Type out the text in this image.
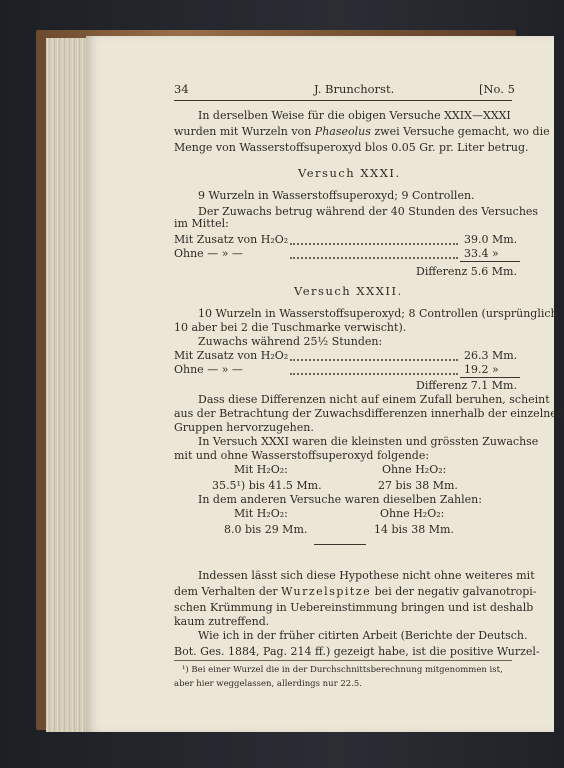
34	J. Brunchorst.	[No. 5
In derselben Weise für die obigen Versuche XXIX—XXXI
wurden mit Wurzeln von Phaseolus zwei Versuche gemacht, wo die
Menge von Wasserstoffsuperoxyd blos 0.05 Gr. pr. Liter betrug.
Versuch XXXI.
9 Wurzeln in Wasserstoffsuperoxyd; 9 Controllen.
Der Zuwachs betrug während der 40 Stunden des Versuches
im Mittel:
Mit Zusatz von H₂O₂	39.0 Mm.
Ohne — » —	33.4 »
Differenz 5.6 Mm.
Versuch XXXII.
10 Wurzeln in Wasserstoffsuperoxyd; 8 Controllen (ursprünglich
10 aber bei 2 die Tuschmarke verwischt).
Zuwachs während 25½ Stunden:
Mit Zusatz von H₂O₂	26.3 Mm.
Ohne — » —	19.2 »
Differenz 7.1 Mm.
Dass diese Differenzen nicht auf einem Zufall beruhen, scheint
aus der Betrachtung der Zuwachsdifferenzen innerhalb der einzelnen
Gruppen hervorzugehen.
In Versuch XXXI waren die kleinsten und grössten Zuwachse
mit und ohne Wasserstoffsuperoxyd folgende:
Mit H₂O₂:	Ohne H₂O₂:
35.5¹) bis 41.5 Mm.	27 bis 38 Mm.
In dem anderen Versuche waren dieselben Zahlen:
Mit H₂O₂:	Ohne H₂O₂:
8.0 bis 29 Mm.	14 bis 38 Mm.
Indessen lässt sich diese Hypothese nicht ohne weiteres mit
dem Verhalten der Wurzelspitze bei der negativ galvanotropi-
schen Krümmung in Uebereinstimmung bringen und ist deshalb
kaum zutreffend.
Wie ich in der früher citirten Arbeit (Berichte der Deutsch.
Bot. Ges. 1884, Pag. 214 ff.) gezeigt habe, ist die positive Wurzel-
¹) Bei einer Wurzel die in der Durchschnittsberechnung mitgenommen ist,
aber hier weggelassen, allerdings nur 22.5.
